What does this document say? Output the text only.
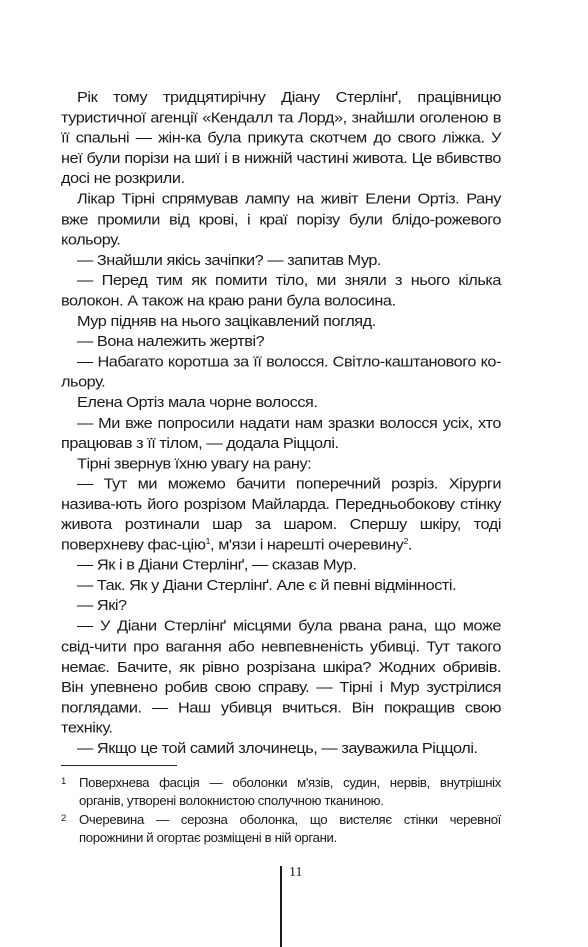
Рік тому тридцятирічну Діану Стерлінґ, працівницю туристичної агенції «Кендалл та Лорд», знайшли оголеною в її спальні — жін-ка була прикута скотчем до свого ліжка. У неї були порізи на шиї і в нижній частині живота. Це вбивство досі не розкрили.

Лікар Тірні спрямував лампу на живіт Елени Ортіз. Рану вже промили від крові, і краї порізу були блідо-рожевого кольору.

— Знайшли якісь зачіпки? — запитав Мур.

— Перед тим як помити тіло, ми зняли з нього кілька волокон. А також на краю рани була волосина.

Мур підняв на нього зацікавлений погляд.

— Вона належить жертві?

— Набагато коротша за її волосся. Світло-каштанового ко-льору.

Елена Ортіз мала чорне волосся.

— Ми вже попросили надати нам зразки волосся усіх, хто працював з її тілом, — додала Ріццолі.

Тірні звернув їхню увагу на рану:

— Тут ми можемо бачити поперечний розріз. Хірурги назива-ють його розрізом Майларда. Передньобокову стінку живота розтинали шар за шаром. Спершу шкіру, тоді поверхневу фас-цію$^1$, м'язи і нарешті очеревину$^2$.

— Як і в Діани Стерлінґ, — сказав Мур.

— Так. Як у Діани Стерлінґ. Але є й певні відмінності.

— Які?

— У Діани Стерлінґ місцями була рвана рана, що може свід-чити про вагання або невпевненість убивці. Тут такого немає. Бачите, як рівно розрізана шкіра? Жодних обривів. Він упевнено робив свою справу. — Тірні і Мур зустрілися поглядами. — Наш убивця вчиться. Він покращив свою техніку.

— Якщо це той самий злочинець, — зауважила Ріццолі.

1 Поверхнева фасція — оболонки м'язів, судин, нервів, внутрішніх органів, утворені волокнистою сполучною тканиною.
2 Очеревина — серозна оболонка, що вистеляє стінки черевної порожнини й огортає розміщені в ній органи.
11
